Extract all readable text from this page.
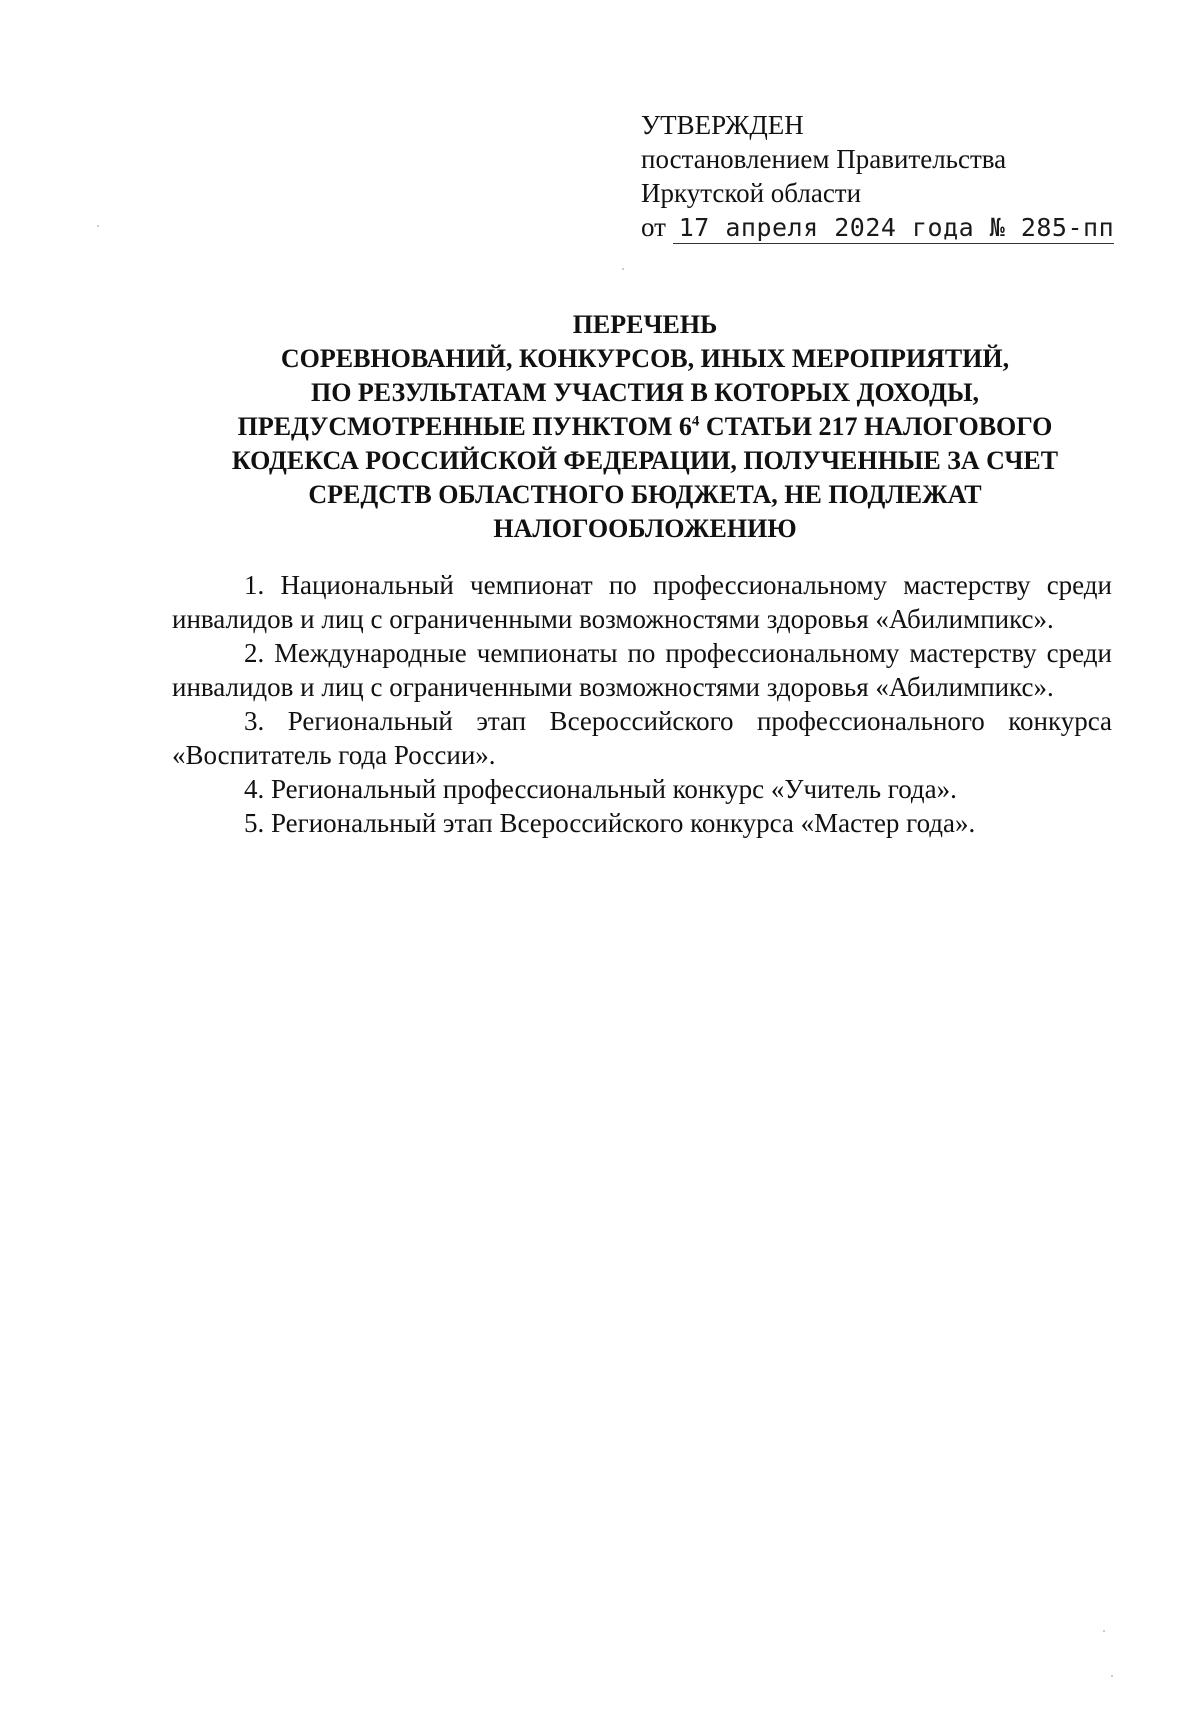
УТВЕРЖДЕН
постановлением Правительства
Иркутской области
от 17 апреля 2024 года № 285-пп
ПЕРЕЧЕНЬ
СОРЕВНОВАНИЙ, КОНКУРСОВ, ИНЫХ МЕРОПРИЯТИЙ,
ПО РЕЗУЛЬТАТАМ УЧАСТИЯ В КОТОРЫХ ДОХОДЫ,
ПРЕДУСМОТРЕННЫЕ ПУНКТОМ $6^4$ СТАТЬИ 217 НАЛОГОВОГО
КОДЕКСА РОССИЙСКОЙ ФЕДЕРАЦИИ, ПОЛУЧЕННЫЕ ЗА СЧЕТ
СРЕДСТВ ОБЛАСТНОГО БЮДЖЕТА, НЕ ПОДЛЕЖАТ
НАЛОГООБЛОЖЕНИЮ

1. Национальный чемпионат по профессиональному мастерству среди инвалидов и лиц с ограниченными возможностями здоровья «Абилимпикс».

2. Международные чемпионаты по профессиональному мастерству среди инвалидов и лиц с ограниченными возможностями здоровья «Абилимпикс».

3. Региональный этап Всероссийского профессионального конкурса «Воспитатель года России».

4. Региональный профессиональный конкурс «Учитель года».

5. Региональный этап Всероссийского конкурса «Мастер года».
